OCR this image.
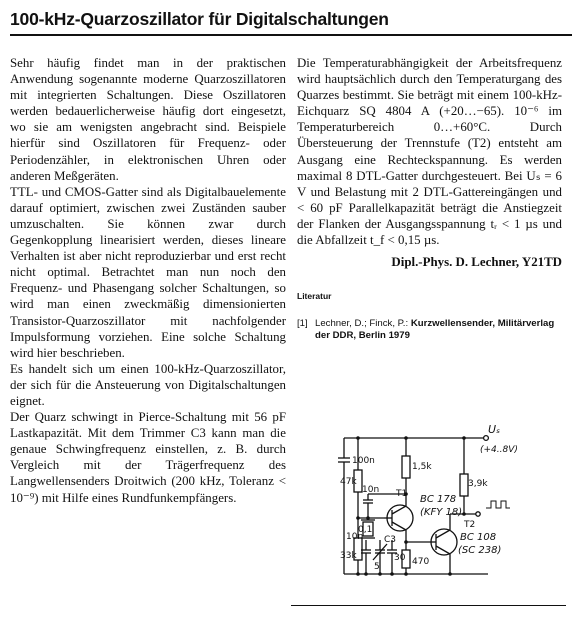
100-kHz-Quarzoszillator für Digitalschaltungen

Sehr häufig findet man in der praktischen Anwendung sogenannte moderne Quarzoszillatoren mit integrierten Schaltungen. Diese Oszillatoren werden bedauerlicherweise häufig dort eingesetzt, wo sie am wenigsten angebracht sind. Beispiele hierfür sind Oszillatoren für Frequenz- oder Periodenzähler, in elektronischen Uhren oder anderen Meßgeräten.

TTL- und CMOS-Gatter sind als Digitalbauelemente darauf optimiert, zwischen zwei Zuständen sauber umzuschalten. Sie können zwar durch Gegenkopplung linearisiert werden, dieses lineare Verhalten ist aber nicht reproduzierbar und erst recht nicht optimal. Betrachtet man nun noch den Frequenz- und Phasengang solcher Schaltungen, so wird man einen zweckmäßig dimensionierten Transistor-Quarzoszillator mit nachfolgender Impulsformung vorziehen. Eine solche Schaltung wird hier beschrieben.

Es handelt sich um einen 100-kHz-Quarzoszillator, der sich für die Ansteuerung von Digitalschaltungen eignet.

Der Quarz schwingt in Pierce-Schaltung mit 56 pF Lastkapazität. Mit dem Trimmer C3 kann man die genaue Schwingfrequenz einstellen, z. B. durch Vergleich mit der Trägerfrequenz des Langwellensenders Droitwich (200 kHz, Toleranz < 10⁻⁹) mit Hilfe eines Rundfunkempfängers.

Die Temperaturabhängigkeit der Arbeitsfrequenz wird hauptsächlich durch den Temperaturgang des Quarzes bestimmt. Sie beträgt mit einem 100-kHz-Eichquarz SQ 4804 A (+20…−65). 10⁻⁶ im Temperaturbereich 0…+60°C. Durch Übersteuerung der Trennstufe (T2) entsteht am Ausgang eine Rechteckspannung. Es werden maximal 8 DTL-Gatter durchgesteuert. Bei Uₛ = 6 V und Belastung mit 2 DTL-Gattereingängen und < 60 pF Parallelkapazität beträgt die Anstiegzeit der Flanken der Ausgangsspannung tᵣ < 1 µs und die Abfallzeit t_f < 0,15 µs.

Dipl.-Phys. D. Lechner, Y21TD

Literatur

[1] Lechner, D.; Finck, P.: Kurzwellensender, Militärverlag der DDR, Berlin 1979

Uₛ
(+4..8V)
100n
47k
1,5k
3,9k
10n
0,1
10n C3
5
30
33k
470
T1 BC 178
(KFY 18)
T2
BC 108
(SC 238)
